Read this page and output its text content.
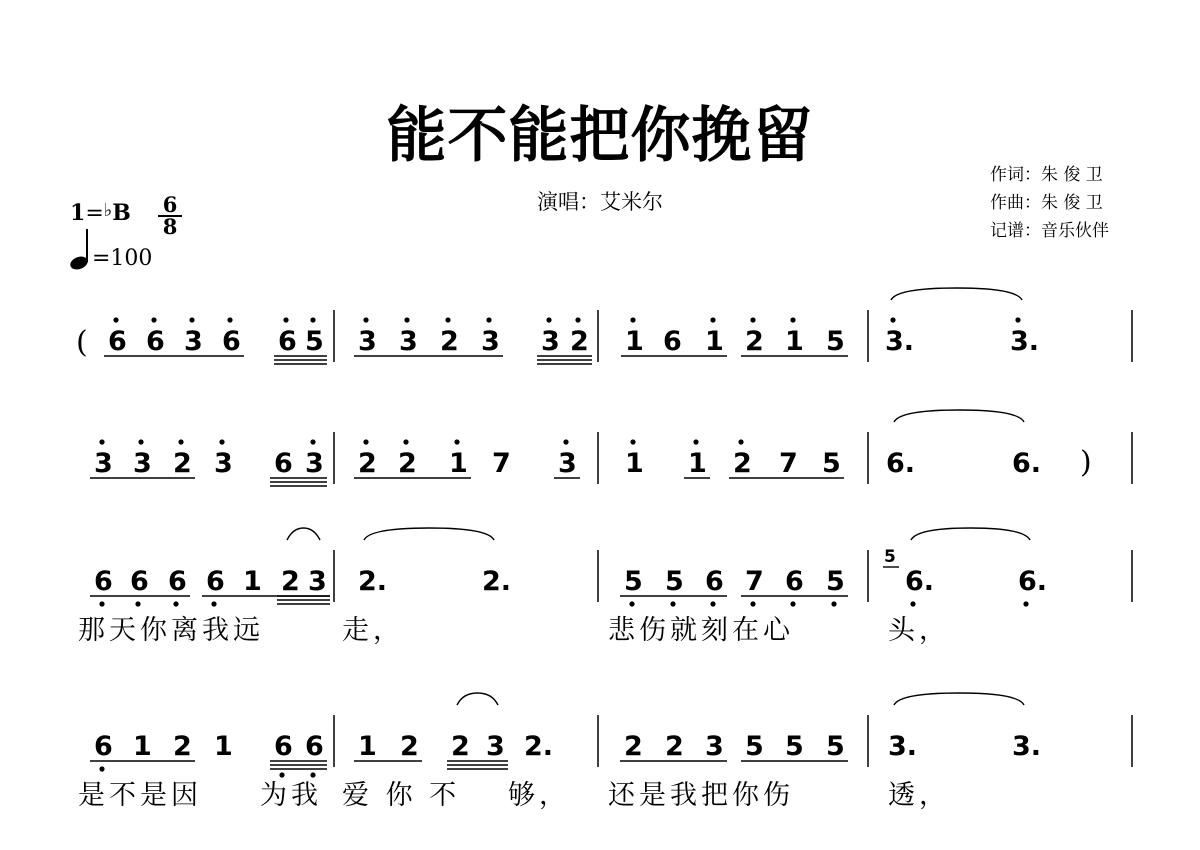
能不能把你挽留
演唱：艾米尔
作词：朱 俊 卫
作曲：朱 俊 卫
记谱：音乐伙伴
1=♭B 6
8
=100
6 6 3 6 6 5 3 3 2 3 3 2 1 6 1 2 1 5 3.	3.
3 3 2 3 6 3 2 2 1 7 3 1 1 2 7 5 6.	6.
6 6 6 6 1 2 3 2.	2.	5 5 6 7 6 5 6.	6.
6 1 2 1 6 6 1 2 2 3 2.	2 2 3 5 5 5 3.	3.
(
)
5
那天你离我远	走，	悲伤就刻在心	头，
是不是因 为我 爱 你 不 够， 还是我把你伤	透，
